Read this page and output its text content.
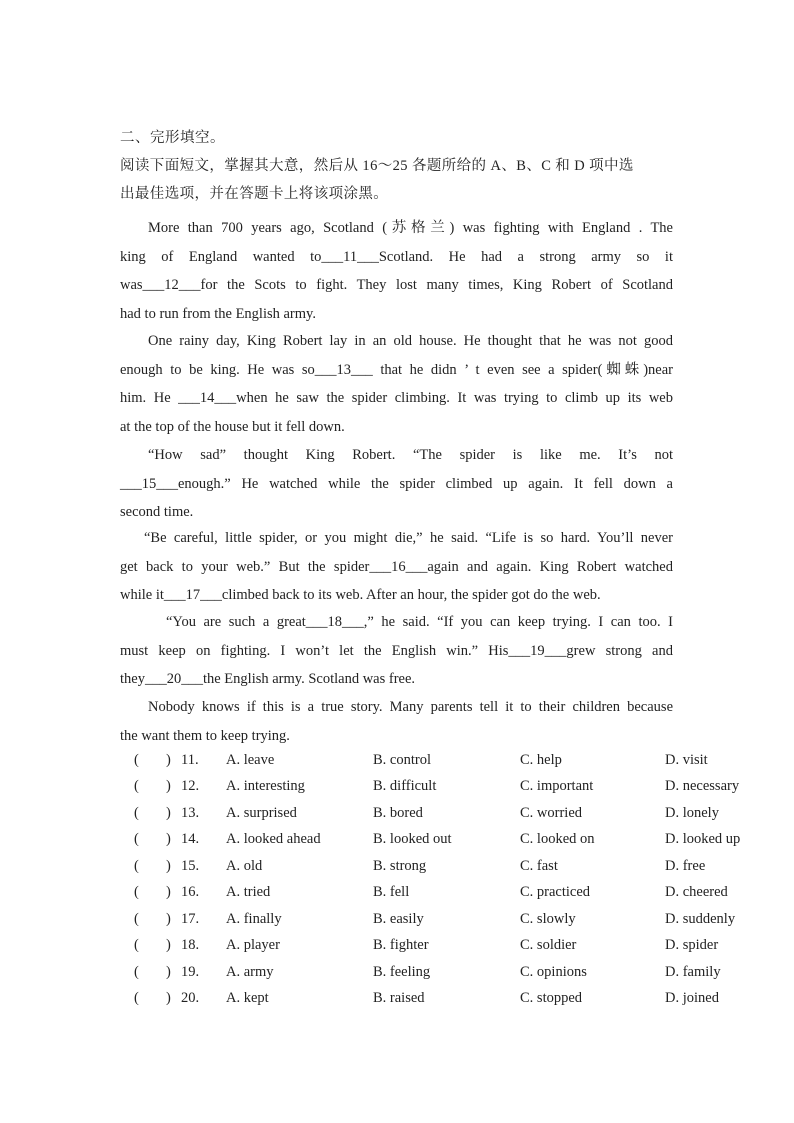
二、完形填空。
阅读下面短文，掌握其大意，然后从 16～25 各题所给的 A、B、C 和 D 项中选
出最佳选项，并在答题卡上将该项涂黑。
More than 700 years ago, Scotland (苏格兰) was fighting with England . The
king of England wanted to___11___Scotland. He had a strong army so it
was___12___for the Scots to fight. They lost many times, King Robert of Scotland
had to run from the English army.
One rainy day, King Robert lay in an old house. He thought that he was not good
enough to be king. He was so___13___ that he didn ’ t even see a spider(蜘蛛)near
him. He ___14___when he saw the spider climbing. It was trying to climb up its web
at the top of the house but it fell down.
“How sad” thought King Robert. “The spider is like me. It’s not
___15___enough.” He watched while the spider climbed up again. It fell down a
second time.
“Be careful, little spider, or you might die,” he said. “Life is so hard. You’ll never
get back to your web.” But the spider___16___again and again. King Robert watched
while it___17___climbed back to its web. After an hour, the spider got do the web.
“You are such a great___18___,” he said. “If you can keep trying. I can too. I
must keep on fighting. I won’t let the English win.” His___19___grew strong and
they___20___the English army. Scotland was free.
Nobody knows if this is a true story. Many parents tell it to their children because
the want them to keep trying.
( ) 11. A. leave	B. control	C. help	D. visit
( ) 12. A. interesting	B. difficult	C. important	D. necessary
( ) 13. A. surprised	B. bored	C. worried	D. lonely
( ) 14. A. looked ahead	B. looked out	C. looked on	D. looked up
( ) 15. A. old	B. strong	C. fast	D. free
( ) 16. A. tried	B. fell	C. practiced	D. cheered
( ) 17. A. finally	B. easily	C. slowly	D. suddenly
( ) 18. A. player	B. fighter	C. soldier	D. spider
( ) 19. A. army	B. feeling	C. opinions	D. family
( ) 20. A. kept	B. raised	C. stopped	D. joined
